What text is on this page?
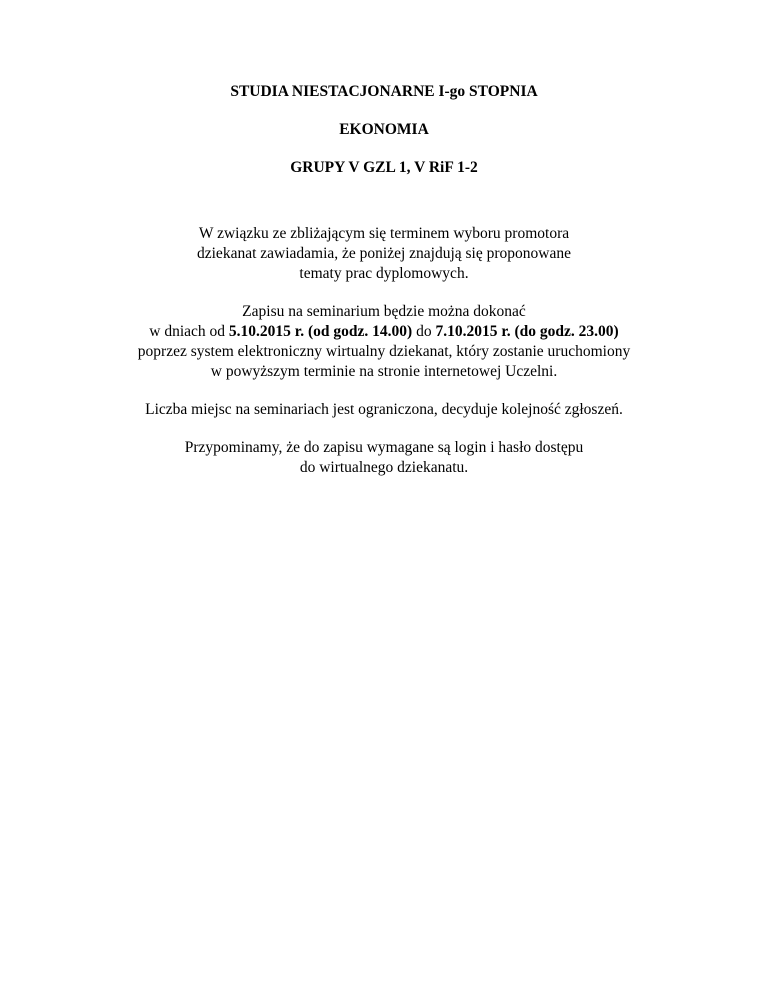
STUDIA NIESTACJONARNE I-go STOPNIA

EKONOMIA

GRUPY V GZL 1, V RiF 1-2

W związku ze zbliżającym się terminem wyboru promotora
dziekanat zawiadamia, że poniżej znajdują się proponowane
tematy prac dyplomowych.

Zapisu na seminarium będzie można dokonać
w dniach od 5.10.2015 r. (od godz. 14.00) do 7.10.2015 r. (do godz. 23.00)
poprzez system elektroniczny wirtualny dziekanat, który zostanie uruchomiony
w powyższym terminie na stronie internetowej Uczelni.

Liczba miejsc na seminariach jest ograniczona, decyduje kolejność zgłoszeń.

Przypominamy, że do zapisu wymagane są login i hasło dostępu
do wirtualnego dziekanatu.
